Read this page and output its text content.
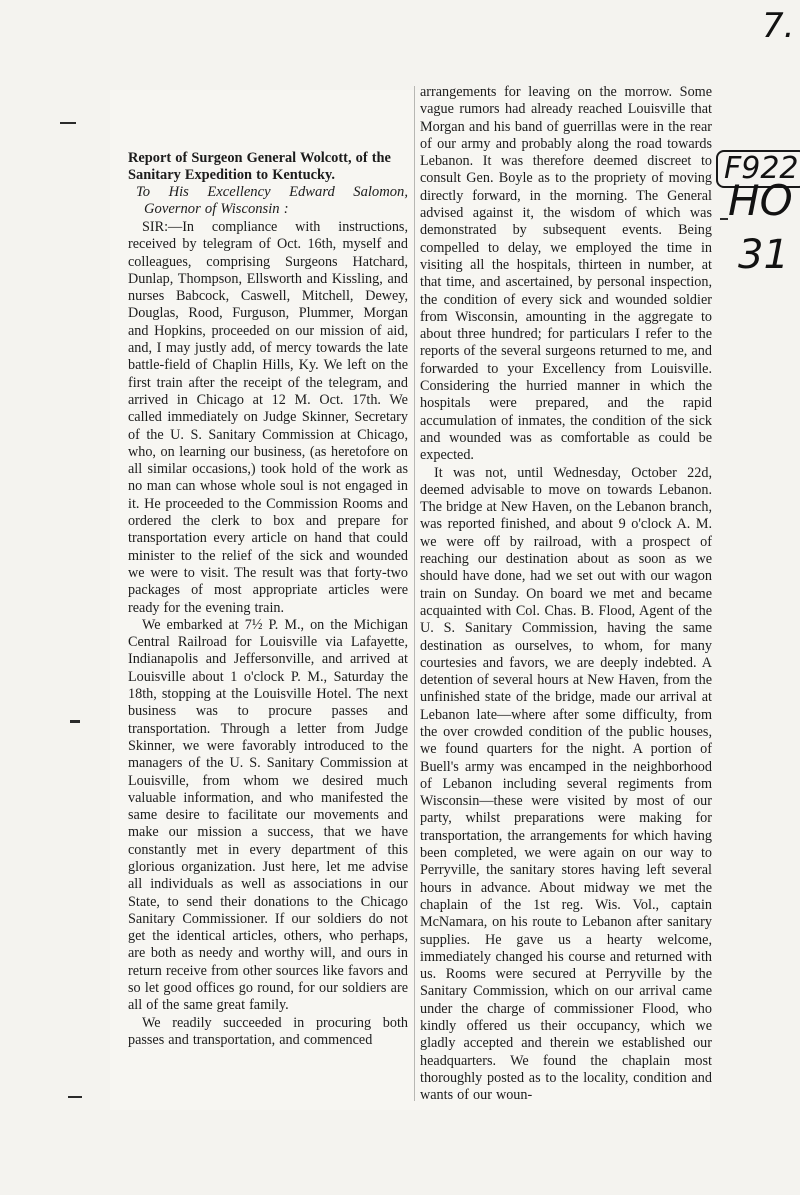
7.
F922
HO
31

Report of Surgeon General Wolcott, of the Sanitary Expedition to Kentucky.

To His Excellency Edward Salomon, Governor of Wisconsin :

SIR:—In compliance with instructions, received by telegram of Oct. 16th, myself and colleagues, comprising Surgeons Hatchard, Dunlap, Thompson, Ellsworth and Kissling, and nurses Babcock, Caswell, Mitchell, Dewey, Douglas, Rood, Furguson, Plummer, Morgan and Hopkins, proceeded on our mission of aid, and, I may justly add, of mercy towards the late battle-field of Chaplin Hills, Ky. We left on the first train after the receipt of the telegram, and arrived in Chicago at 12 M. Oct. 17th. We called immediately on Judge Skinner, Secretary of the U. S. Sanitary Commission at Chicago, who, on learning our business, (as heretofore on all similar occasions,) took hold of the work as no man can whose whole soul is not engaged in it. He proceeded to the Commission Rooms and ordered the clerk to box and prepare for transportation every article on hand that could minister to the relief of the sick and wounded we were to visit. The result was that forty-two packages of most appropriate articles were ready for the evening train.

We embarked at 7½ P. M., on the Michigan Central Railroad for Louisville via Lafayette, Indianapolis and Jeffersonville, and arrived at Louisville about 1 o'clock P. M., Saturday the 18th, stopping at the Louisville Hotel. The next business was to procure passes and transportation. Through a letter from Judge Skinner, we were favorably introduced to the managers of the U. S. Sanitary Commission at Louisville, from whom we desired much valuable information, and who manifested the same desire to facilitate our movements and make our mission a success, that we have constantly met in every department of this glorious organization. Just here, let me advise all individuals as well as associations in our State, to send their donations to the Chicago Sanitary Commissioner. If our soldiers do not get the identical articles, others, who perhaps, are both as needy and worthy will, and ours in return receive from other sources like favors and so let good offices go round, for our soldiers are all of the same great family.

We readily succeeded in procuring both passes and transportation, and commenced

arrangements for leaving on the morrow. Some vague rumors had already reached Louisville that Morgan and his band of guerrillas were in the rear of our army and probably along the road towards Lebanon. It was therefore deemed discreet to consult Gen. Boyle as to the propriety of moving directly forward, in the morning. The General advised against it, the wisdom of which was demonstrated by subsequent events. Being compelled to delay, we employed the time in visiting all the hospitals, thirteen in number, at that time, and ascertained, by personal inspection, the condition of every sick and wounded soldier from Wisconsin, amounting in the aggregate to about three hundred; for particulars I refer to the reports of the several surgeons returned to me, and forwarded to your Excellency from Louisville. Considering the hurried manner in which the hospitals were prepared, and the rapid accumulation of inmates, the condition of the sick and wounded was as comfortable as could be expected.

It was not, until Wednesday, October 22d, deemed advisable to move on towards Lebanon. The bridge at New Haven, on the Lebanon branch, was reported finished, and about 9 o'clock A. M. we were off by railroad, with a prospect of reaching our destination about as soon as we should have done, had we set out with our wagon train on Sunday. On board we met and became acquainted with Col. Chas. B. Flood, Agent of the U. S. Sanitary Commission, having the same destination as ourselves, to whom, for many courtesies and favors, we are deeply indebted. A detention of several hours at New Haven, from the unfinished state of the bridge, made our arrival at Lebanon late—where after some difficulty, from the over crowded condition of the public houses, we found quarters for the night. A portion of Buell's army was encamped in the neighborhood of Lebanon including several regiments from Wisconsin—these were visited by most of our party, whilst preparations were making for transportation, the arrangements for which having been completed, we were again on our way to Perryville, the sanitary stores having left several hours in advance. About midway we met the chaplain of the 1st reg. Wis. Vol., captain McNamara, on his route to Lebanon after sanitary supplies. He gave us a hearty welcome, immediately changed his course and returned with us. Rooms were secured at Perryville by the Sanitary Commission, which on our arrival came under the charge of commissioner Flood, who kindly offered us their occupancy, which we gladly accepted and therein we established our headquarters. We found the chaplain most thoroughly posted as to the locality, condition and wants of our woun-
